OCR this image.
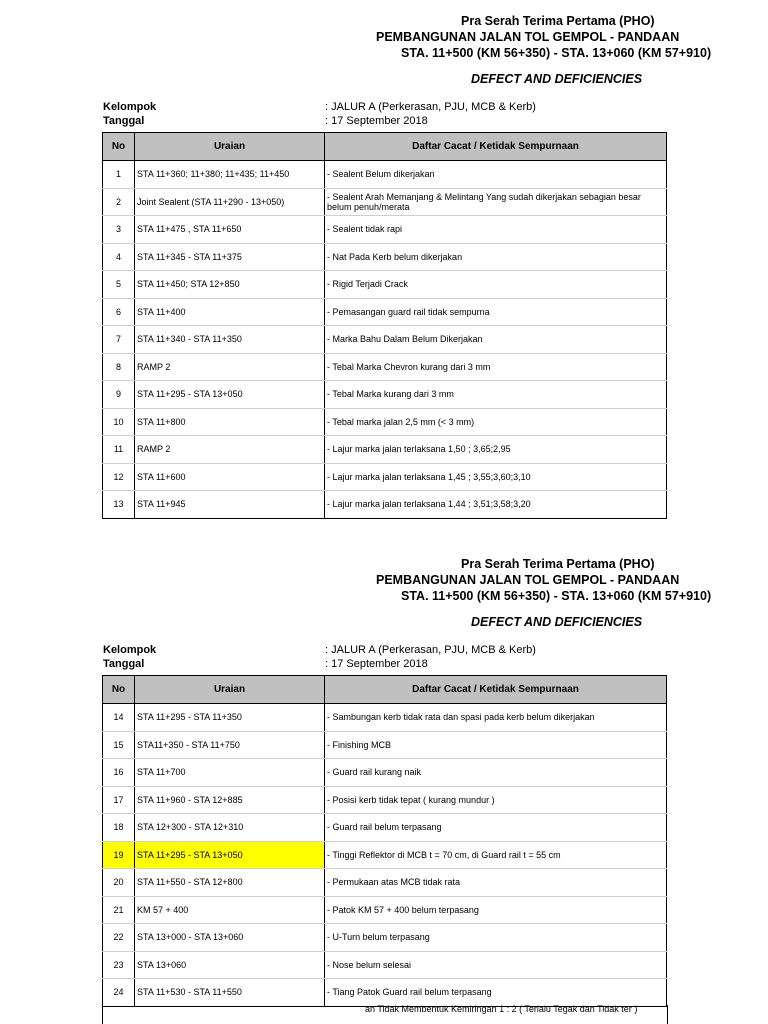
Pra Serah Terima Pertama (PHO)
PEMBANGUNAN JALAN TOL GEMPOL - PANDAAN
STA. 11+500 (KM 56+350) - STA. 13+060 (KM 57+910)
DEFECT AND DEFICIENCIES
Kelompok	: JALUR A (Perkerasan, PJU, MCB & Kerb)
Tanggal	: 17 September 2018
No	Uraian	Daftar Cacat / Ketidak Sempurnaan
1	STA 11+360; 11+380; 11+435; 11+450	- Sealent Belum dikerjakan
2	Joint Sealent (STA 11+290 - 13+050)	- Sealent Arah Memanjang & Melintang Yang sudah dikerjakan sebagian besar belum penuh/merata
3	STA 11+475 , STA 11+650	- Sealent tidak rapi
4	STA 11+345 - STA 11+375	- Nat Pada Kerb belum dikerjakan
5	STA 11+450; STA 12+850	- Rigid Terjadi Crack
6	STA 11+400	- Pemasangan guard rail tidak sempurna
7	STA 11+340 - STA 11+350	- Marka Bahu Dalam Belum Dikerjakan
8	RAMP 2	- Tebal Marka Chevron kurang dari 3 mm
9	STA 11+295 - STA 13+050	- Tebal Marka kurang dari 3 mm
10	STA 11+800	- Tebal marka jalan 2,5 mm (< 3 mm)
11	RAMP 2	- Lajur marka jalan terlaksana 1,50 ; 3,65;2,95
12	STA 11+600	- Lajur marka jalan terlaksana 1,45 ; 3,55;3,60;3,10
13	STA 11+945	- Lajur marka jalan terlaksana 1,44 ; 3,51;3,58;3,20
Pra Serah Terima Pertama (PHO)
PEMBANGUNAN JALAN TOL GEMPOL - PANDAAN
STA. 11+500 (KM 56+350) - STA. 13+060 (KM 57+910)
DEFECT AND DEFICIENCIES
Kelompok	: JALUR A (Perkerasan, PJU, MCB & Kerb)
Tanggal	: 17 September 2018
No	Uraian	Daftar Cacat / Ketidak Sempurnaan
14	STA 11+295 - STA 11+350	- Sambungan kerb tidak rata dan spasi pada kerb belum dikerjakan
15	STA11+350 - STA 11+750	- Finishing MCB
16	STA 11+700	- Guard rail kurang naik
17	STA 11+960 - STA 12+885	- Posisi kerb tidak tepat ( kurang mundur )
18	STA 12+300 - STA 12+310	- Guard rail belum terpasang
19	STA 11+295 - STA 13+050	- Tinggi Reflektor di MCB t = 70 cm, di Guard rail t = 55 cm
20	STA 11+550 - STA 12+800	- Permukaan atas MCB tidak rata
21	KM 57 + 400	- Patok KM 57 + 400 belum terpasang
22	STA 13+000 - STA 13+060	- U-Turn belum terpasang
23	STA 13+060	- Nose belum selesai
24	STA 11+530 - STA 11+550	- Tiang Patok Guard rail belum terpasang
an Tidak Membentuk Kemiringan 1 : 2 ( Terlalu Tegak dan Tidak ter )
